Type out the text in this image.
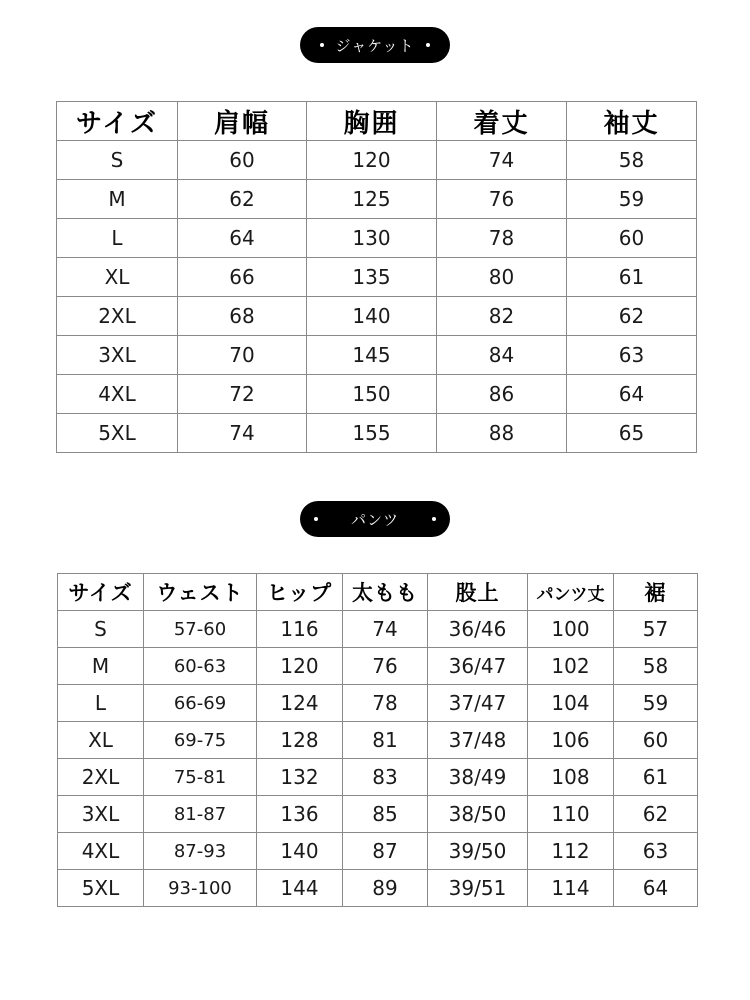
ジャケット
サイズ	肩幅	胸囲	着丈	袖丈
S	60	120	74	58
M	62	125	76	59
L	64	130	78	60
XL	66	135	80	61
2XL	68	140	82	62
3XL	70	145	84	63
4XL	72	150	86	64
5XL	74	155	88	65
パンツ
サイズ	ウェスト	ヒップ	太もも	股上	パンツ丈	裾
S	57-60	116	74	36/46	100	57
M	60-63	120	76	36/47	102	58
L	66-69	124	78	37/47	104	59
XL	69-75	128	81	37/48	106	60
2XL	75-81	132	83	38/49	108	61
3XL	81-87	136	85	38/50	110	62
4XL	87-93	140	87	39/50	112	63
5XL	93-100	144	89	39/51	114	64
